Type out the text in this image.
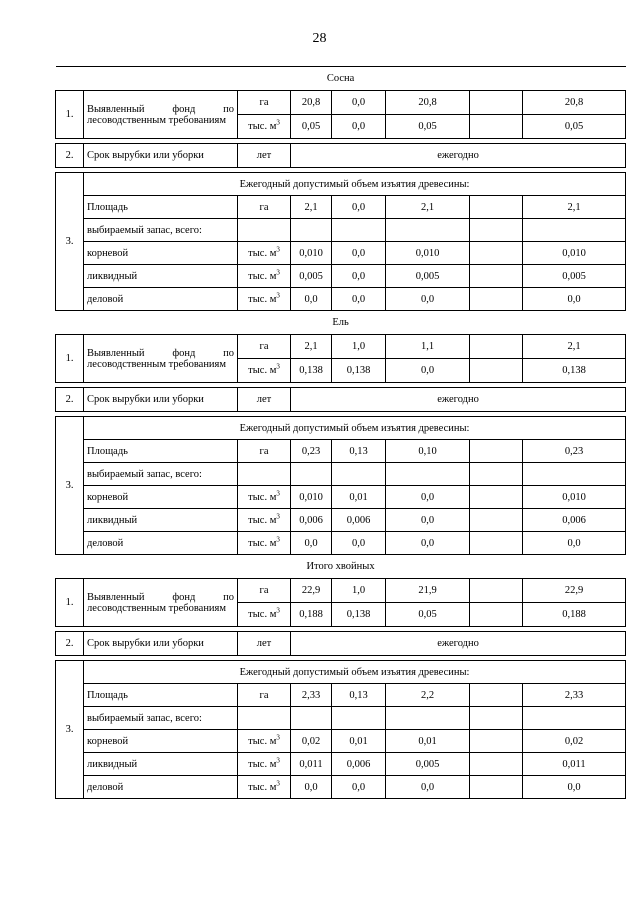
28
Сосна							
1.	Выявленный фонд по лесоводственным требованиям	га	20,8	0,0	20,8		20,8
		тыс. $м^3$	0,05	0,0	0,05		0,05

2.	Срок вырубки или уборки	лет	ежегодно				

3.	Ежегодный допустимый объем изъятия древесины:						
	Площадь	га	2,1	0,0	2,1		2,1
	выбираемый запас, всего:						
	корневой	тыс. $м^3$	0,010	0,0	0,010		0,010
	ликвидный	тыс. $м^3$	0,005	0,0	0,005		0,005
	деловой	тыс. $м^3$	0,0	0,0	0,0		0,0
Ель							
1.	Выявленный фонд по лесоводственным требованиям	га	2,1	1,0	1,1		2,1
		тыс. $м^3$	0,138	0,138	0,0		0,138

2.	Срок вырубки или уборки	лет	ежегодно				

3.	Ежегодный допустимый объем изъятия древесины:						
	Площадь	га	0,23	0,13	0,10		0,23
	выбираемый запас, всего:						
	корневой	тыс. $м^3$	0,010	0,01	0,0		0,010
	ликвидный	тыс. $м^3$	0,006	0,006	0,0		0,006
	деловой	тыс. $м^3$	0,0	0,0	0,0		0,0
Итого хвойных							
1.	Выявленный фонд по лесоводственным требованиям	га	22,9	1,0	21,9		22,9
		тыс. $м^3$	0,188	0,138	0,05		0,188

2.	Срок вырубки или уборки	лет	ежегодно				

3.	Ежегодный допустимый объем изъятия древесины:						
	Площадь	га	2,33	0,13	2,2		2,33
	выбираемый запас, всего:						
	корневой	тыс. $м^3$	0,02	0,01	0,01		0,02
	ликвидный	тыс. $м^3$	0,011	0,006	0,005		0,011
	деловой	тыс. $м^3$	0,0	0,0	0,0		0,0
